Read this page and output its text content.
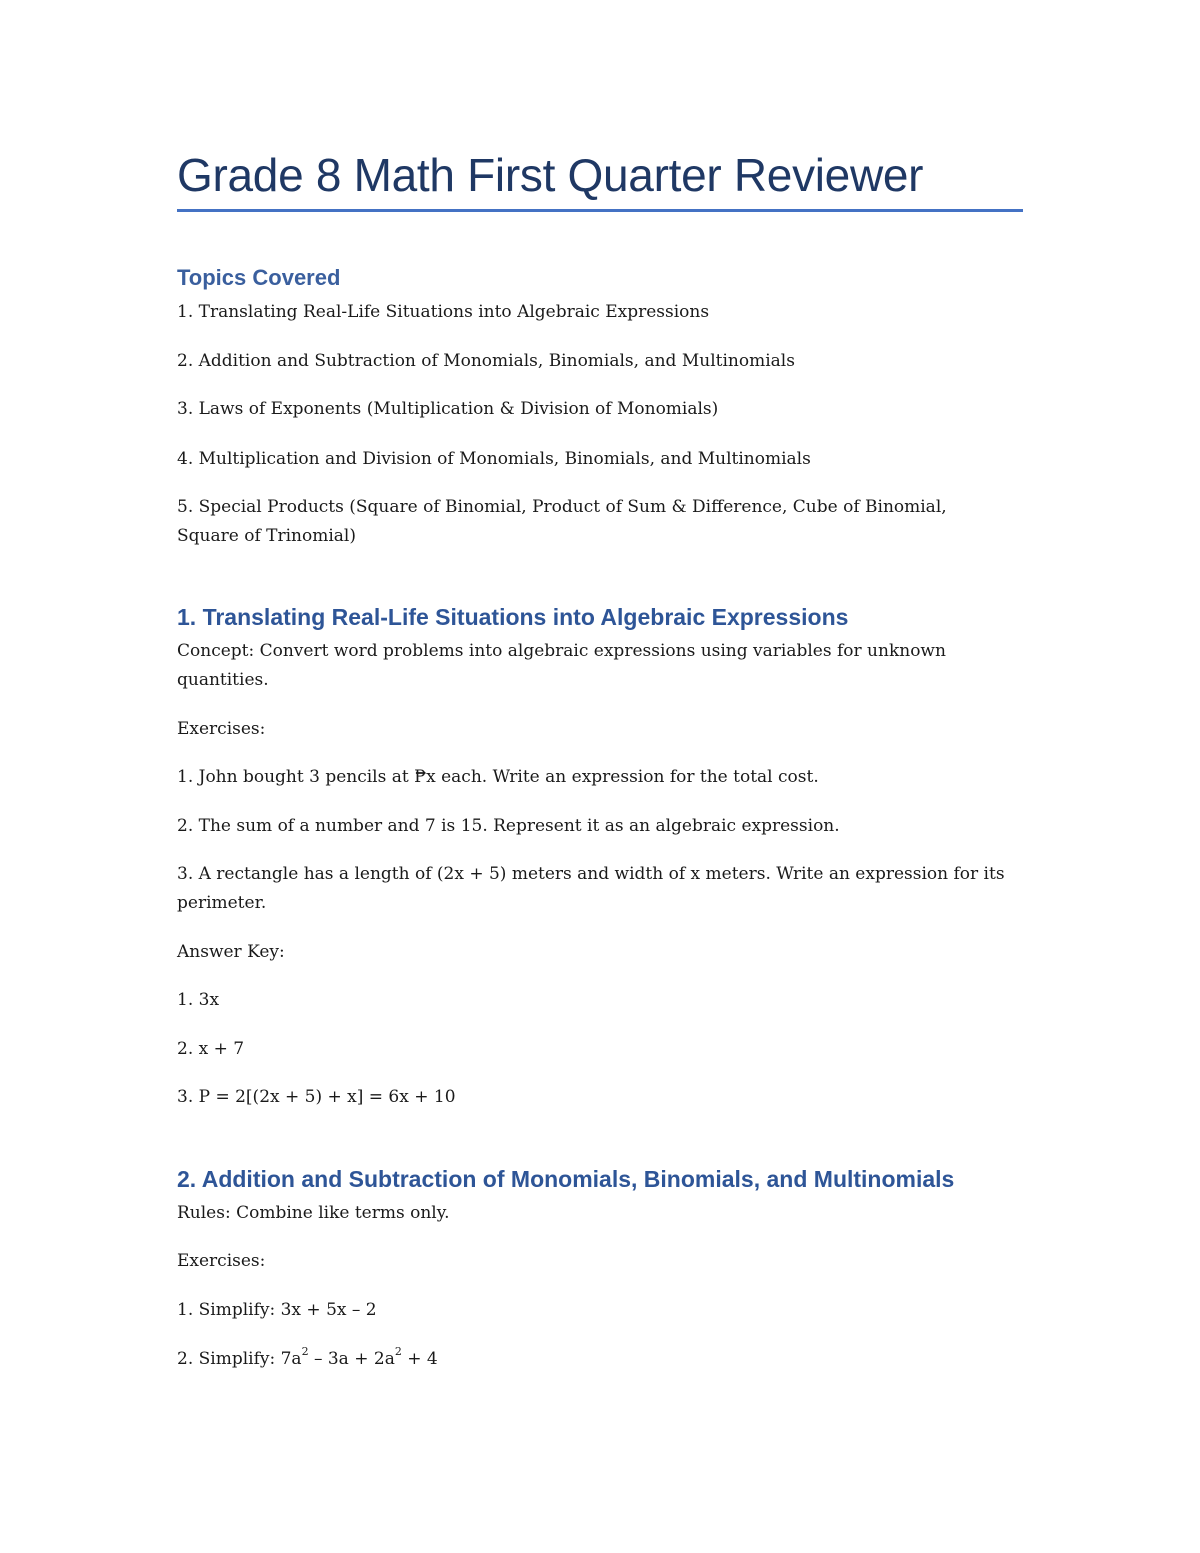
Grade 8 Math First Quarter Reviewer
Topics Covered

1. Translating Real-Life Situations into Algebraic Expressions

2. Addition and Subtraction of Monomials, Binomials, and Multinomials

3. Laws of Exponents (Multiplication & Division of Monomials)

4. Multiplication and Division of Monomials, Binomials, and Multinomials

5. Special Products (Square of Binomial, Product of Sum & Difference, Cube of Binomial, Square of Trinomial)

1. Translating Real-Life Situations into Algebraic Expressions

Concept: Convert word problems into algebraic expressions using variables for unknown quantities.

Exercises:

1. John bought 3 pencils at ₱x each. Write an expression for the total cost.

2. The sum of a number and 7 is 15. Represent it as an algebraic expression.

3. A rectangle has a length of (2x + 5) meters and width of x meters. Write an expression for its perimeter.

Answer Key:

1. 3x

2. x + 7

3. P = 2[(2x + 5) + x] = 6x + 10

2. Addition and Subtraction of Monomials, Binomials, and Multinomials

Rules: Combine like terms only.

Exercises:

1. Simplify: 3x + 5x – 2

2. Simplify: $7a^2 - 3a + 2a^2 + 4$
